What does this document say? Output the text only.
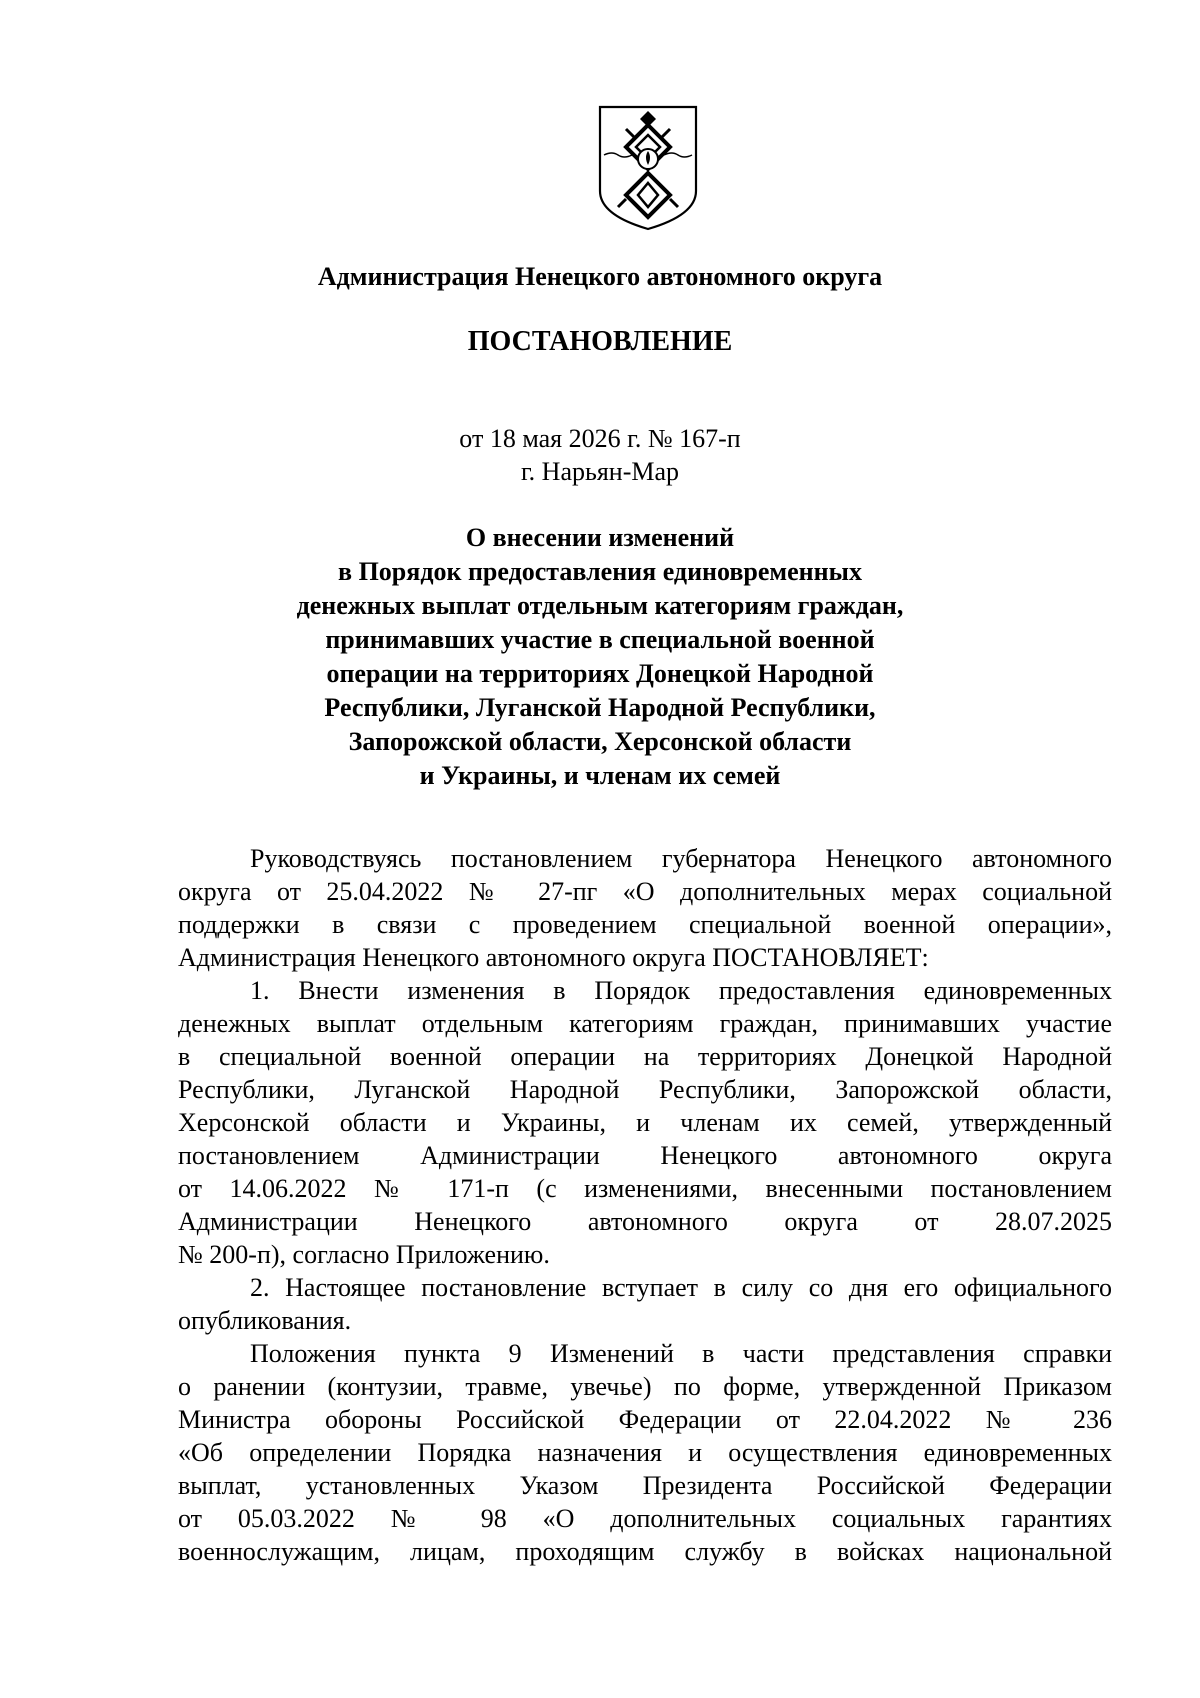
Администрация Ненецкого автономного округа
ПОСТАНОВЛЕНИЕ
от 18 мая 2026 г. № 167-п
г. Нарьян-Мар
О внесении изменений
в Порядок предоставления единовременных
денежных выплат отдельным категориям граждан,
принимавших участие в специальной военной
операции на территориях Донецкой Народной
Республики, Луганской Народной Республики,
Запорожской области, Херсонской области
и Украины, и членам их семей
Руководствуясь постановлением губернатора Ненецкого автономного
округа от 25.04.2022 № 27-пг «О дополнительных мерах социальной
поддержки в связи с проведением специальной военной операции»,
Администрация Ненецкого автономного округа ПОСТАНОВЛЯЕТ:
1. Внести изменения в Порядок предоставления единовременных
денежных выплат отдельным категориям граждан, принимавших участие
в специальной военной операции на территориях Донецкой Народной
Республики, Луганской Народной Республики, Запорожской области,
Херсонской области и Украины, и членам их семей, утвержденный
постановлением Администрации Ненецкого автономного округа
от 14.06.2022 № 171-п (с изменениями, внесенными постановлением
Администрации Ненецкого автономного округа от 28.07.2025
№ 200-п), согласно Приложению.
2. Настоящее постановление вступает в силу со дня его официального
опубликования.
Положения пункта 9 Изменений в части представления справки
о ранении (контузии, травме, увечье) по форме, утвержденной Приказом
Министра обороны Российской Федерации от 22.04.2022 № 236
«Об определении Порядка назначения и осуществления единовременных
выплат, установленных Указом Президента Российской Федерации
от 05.03.2022 № 98 «О дополнительных социальных гарантиях
военнослужащим, лицам, проходящим службу в войсках национальной
